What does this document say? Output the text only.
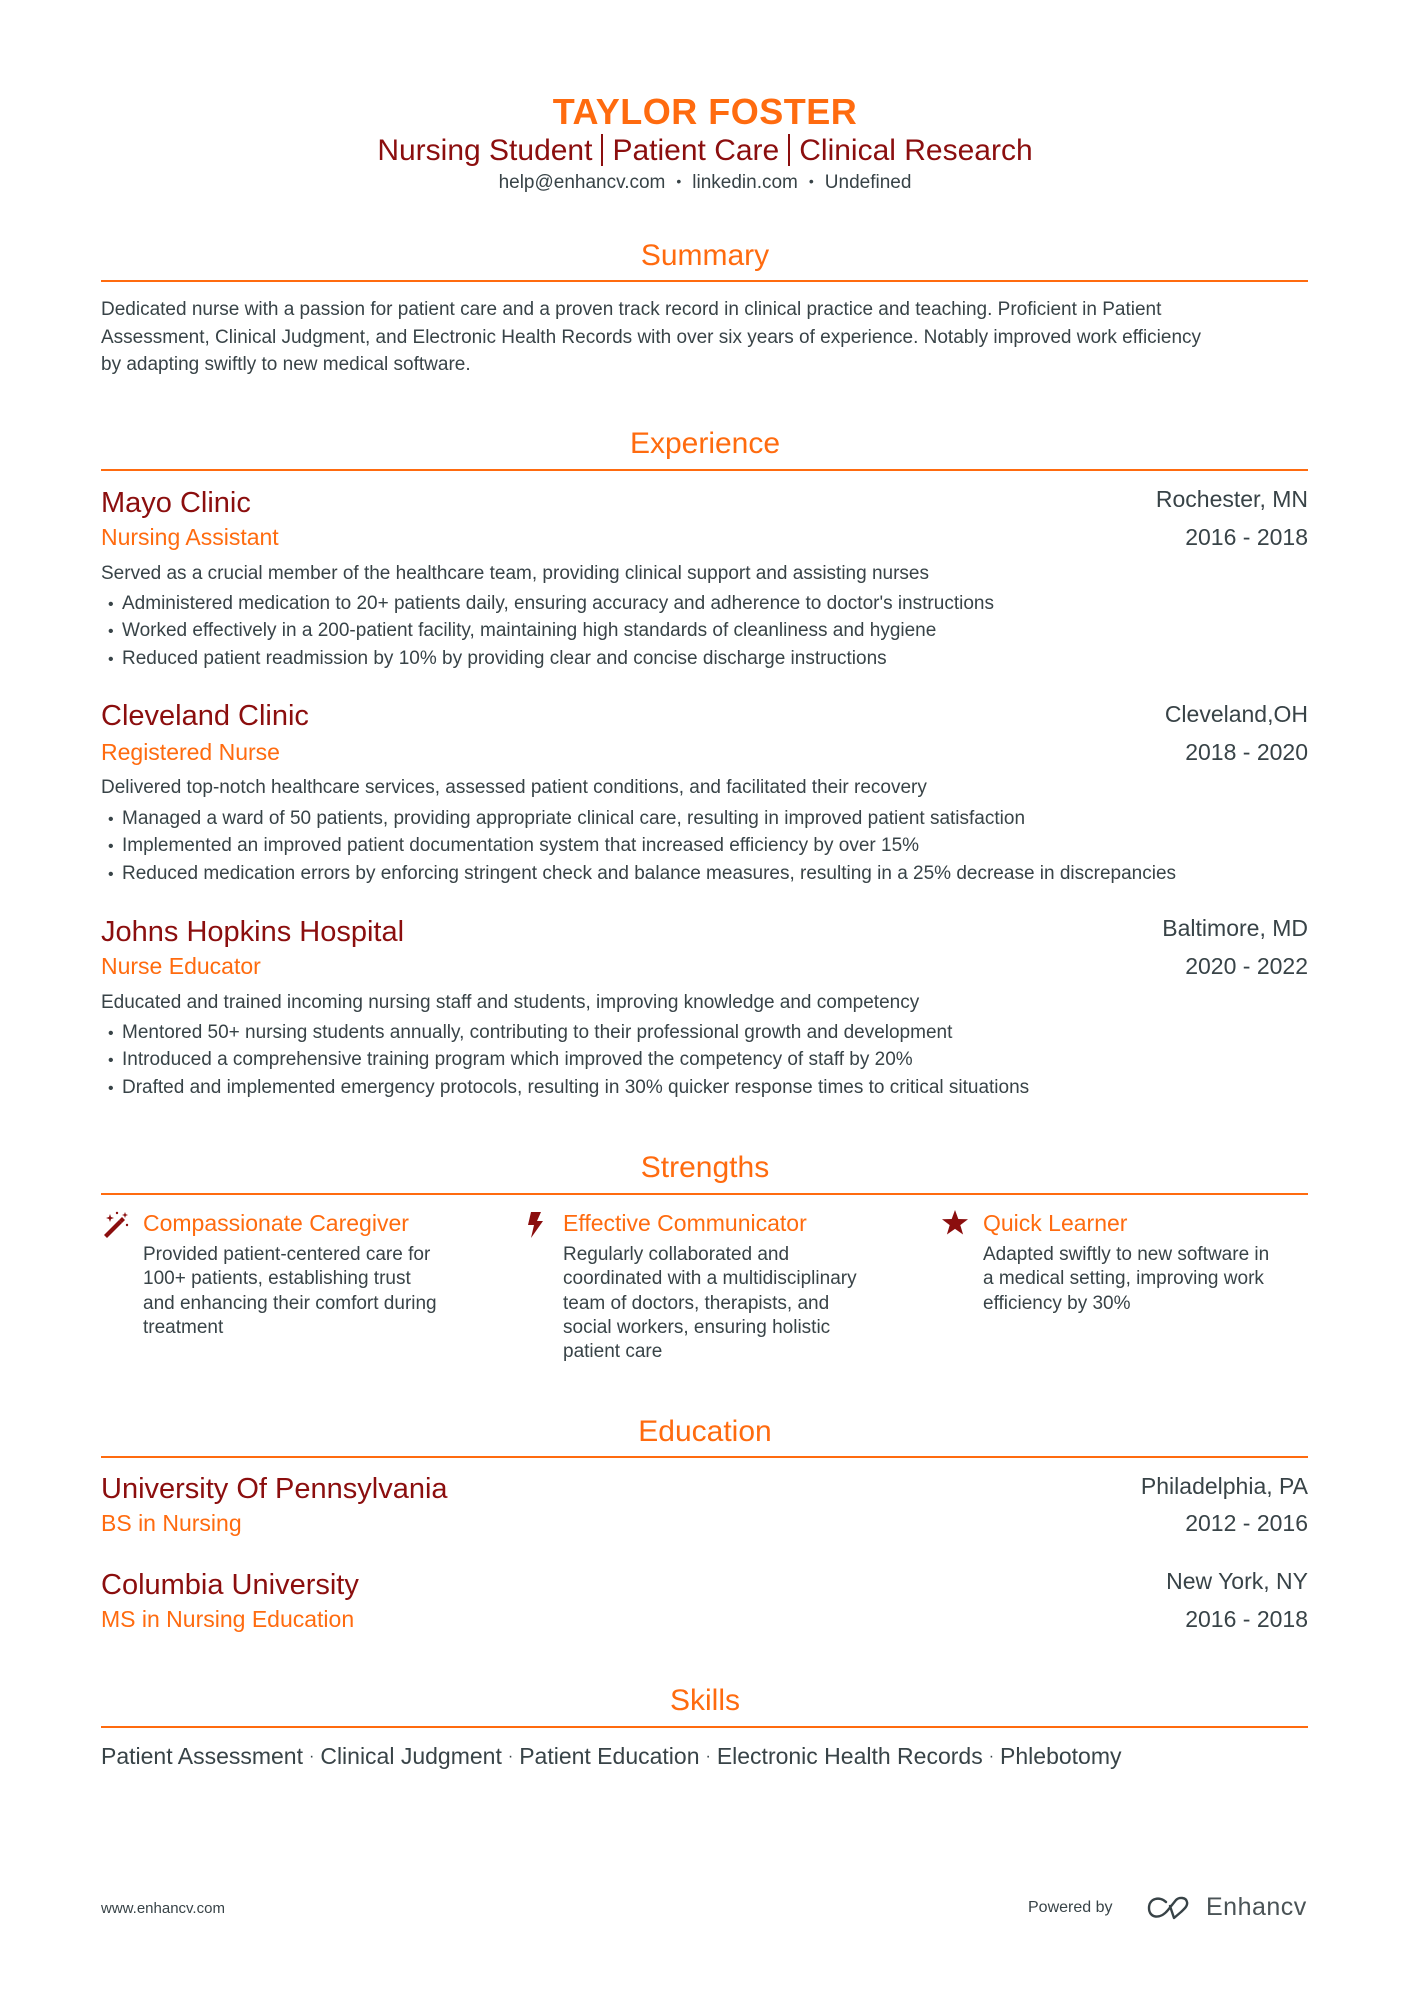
TAYLOR FOSTER
Nursing Student Patient Care Clinical Research
help@enhancv.com • linkedin.com • Undefined
Summary
Dedicated nurse with a passion for patient care and a proven track record in clinical practice and teaching. Proficient in Patient
Assessment, Clinical Judgment, and Electronic Health Records with over six years of experience. Notably improved work efficiency
by adapting swiftly to new medical software.
Experience
Mayo Clinic	Rochester, MN
Nursing Assistant	2016 - 2018
Served as a crucial member of the healthcare team, providing clinical support and assisting nurses
• Administered medication to 20+ patients daily, ensuring accuracy and adherence to doctor's instructions
• Worked effectively in a 200-patient facility, maintaining high standards of cleanliness and hygiene
• Reduced patient readmission by 10% by providing clear and concise discharge instructions
Cleveland Clinic	Cleveland,OH
Registered Nurse	2018 - 2020
Delivered top-notch healthcare services, assessed patient conditions, and facilitated their recovery
• Managed a ward of 50 patients, providing appropriate clinical care, resulting in improved patient satisfaction
• Implemented an improved patient documentation system that increased efficiency by over 15%
• Reduced medication errors by enforcing stringent check and balance measures, resulting in a 25% decrease in discrepancies
Johns Hopkins Hospital	Baltimore, MD
Nurse Educator	2020 - 2022
Educated and trained incoming nursing staff and students, improving knowledge and competency
• Mentored 50+ nursing students annually, contributing to their professional growth and development
• Introduced a comprehensive training program which improved the competency of staff by 20%
• Drafted and implemented emergency protocols, resulting in 30% quicker response times to critical situations
Strengths
Compassionate Caregiver
Provided patient-centered care for
100+ patients, establishing trust
and enhancing their comfort during
treatment
Effective Communicator
Regularly collaborated and
coordinated with a multidisciplinary
team of doctors, therapists, and
social workers, ensuring holistic
patient care
Quick Learner
Adapted swiftly to new software in
a medical setting, improving work
efficiency by 30%
Education
University Of Pennsylvania	Philadelphia, PA
BS in Nursing	2012 - 2016
Columbia University	New York, NY
MS in Nursing Education	2016 - 2018
Skills
Patient Assessment · Clinical Judgment · Patient Education · Electronic Health Records · Phlebotomy
www.enhancv.com	Powered by	Enhancv
